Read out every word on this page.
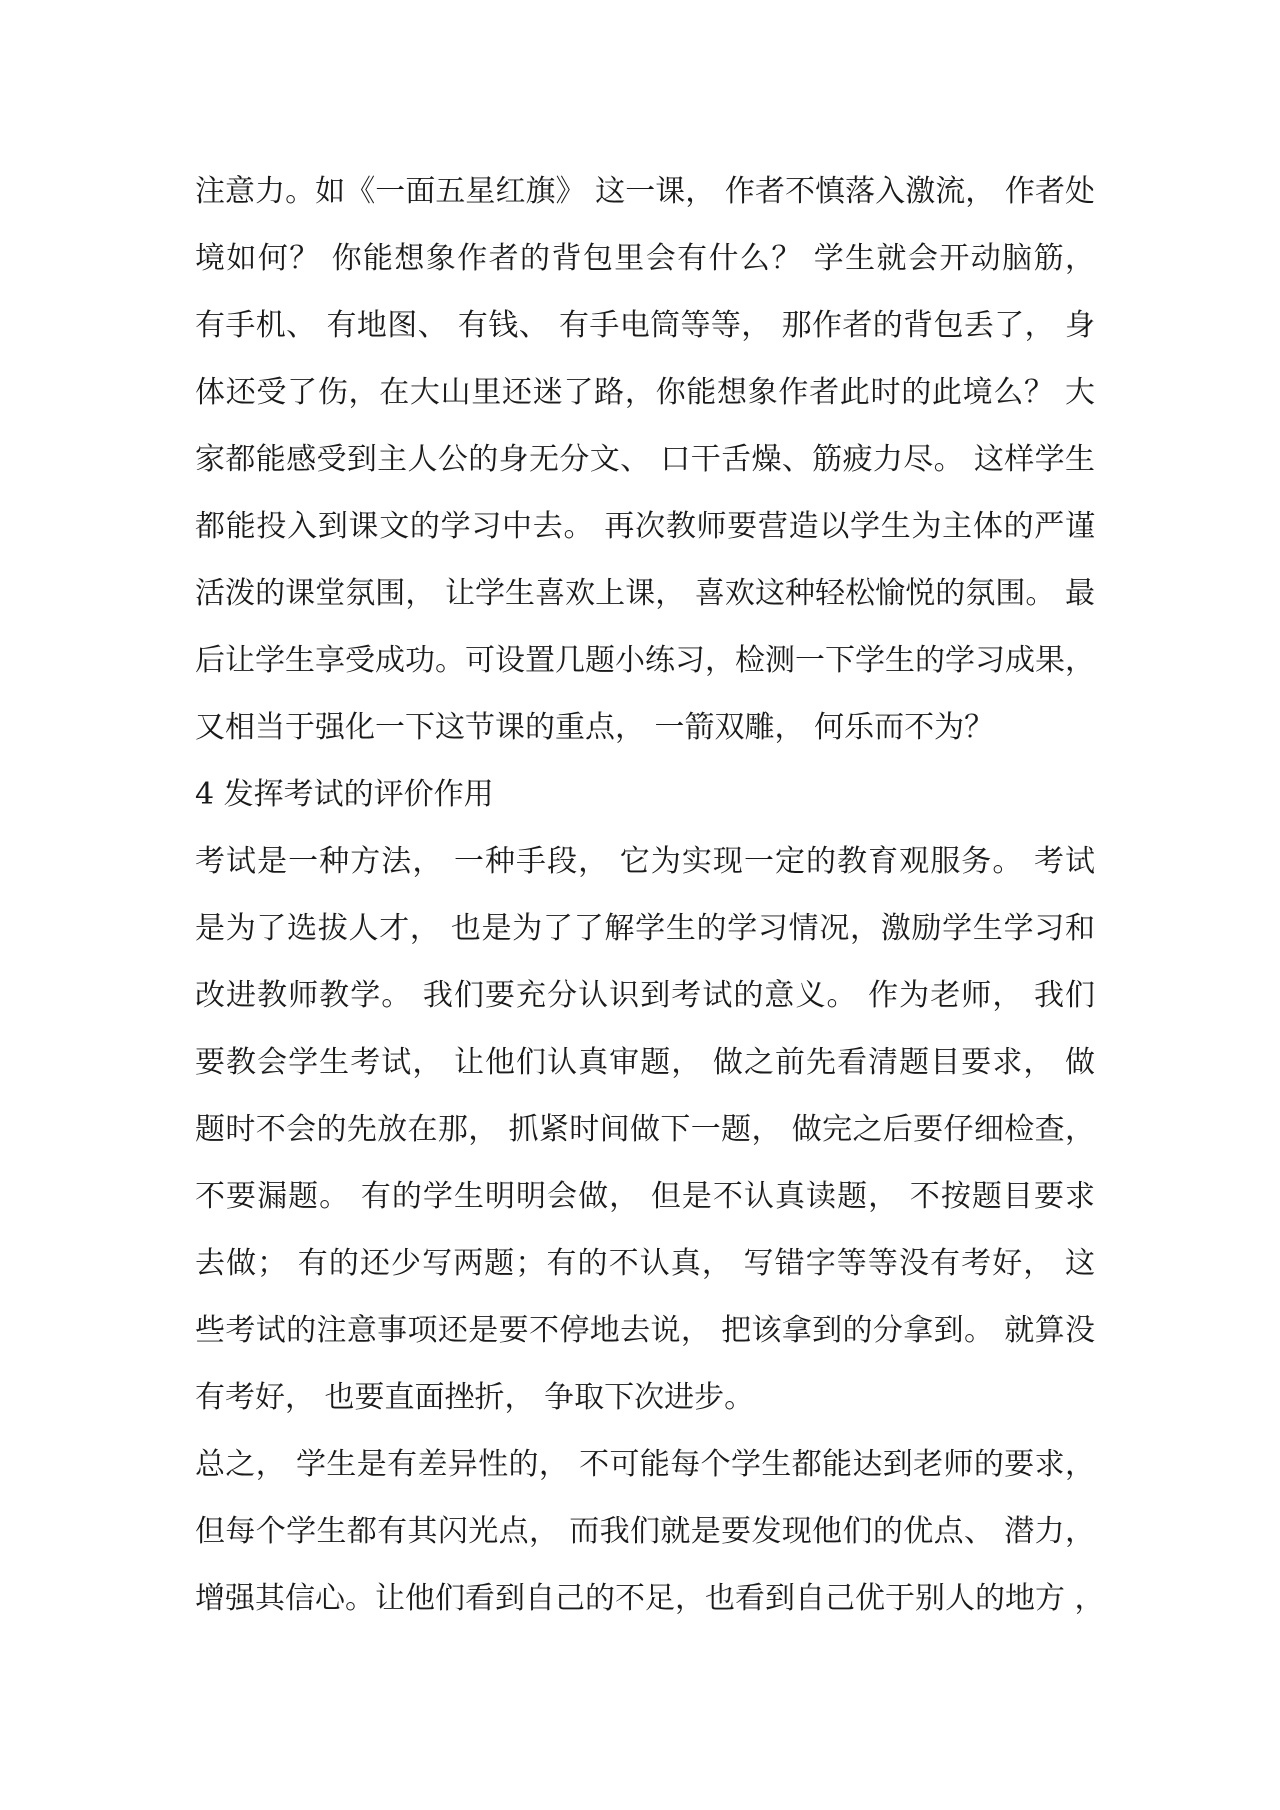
注意力。如《一面五星红旗》 这一课， 作者不慎落入激流， 作者处
境如何？ 你能想象作者的背包里会有什么？ 学生就会开动脑筋，
有手机、 有地图、 有钱、 有手电筒等等， 那作者的背包丢了， 身
体还受了伤，在大山里还迷了路，你能想象作者此时的此境么？ 大
家都能感受到主人公的身无分文、 口干舌燥、筋疲力尽。 这样学生
都能投入到课文的学习中去。 再次教师要营造以学生为主体的严谨
活泼的课堂氛围， 让学生喜欢上课， 喜欢这种轻松愉悦的氛围。 最
后让学生享受成功。可设置几题小练习，检测一下学生的学习成果，
又相当于强化一下这节课的重点， 一箭双雕， 何乐而不为？
4 发挥考试的评价作用
考试是一种方法， 一种手段， 它为实现一定的教育观服务。 考试
是为了选拔人才， 也是为了了解学生的学习情况，激励学生学习和
改进教师教学。 我们要充分认识到考试的意义。 作为老师， 我们
要教会学生考试， 让他们认真审题， 做之前先看清题目要求， 做
题时不会的先放在那， 抓紧时间做下一题， 做完之后要仔细检查，
不要漏题。 有的学生明明会做， 但是不认真读题， 不按题目要求
去做； 有的还少写两题；有的不认真， 写错字等等没有考好， 这
些考试的注意事项还是要不停地去说， 把该拿到的分拿到。 就算没
有考好， 也要直面挫折， 争取下次进步。
总之， 学生是有差异性的， 不可能每个学生都能达到老师的要求，
但每个学生都有其闪光点， 而我们就是要发现他们的优点、 潜力，
增强其信心。让他们看到自己的不足，也看到自己优于别人的地方 ，
